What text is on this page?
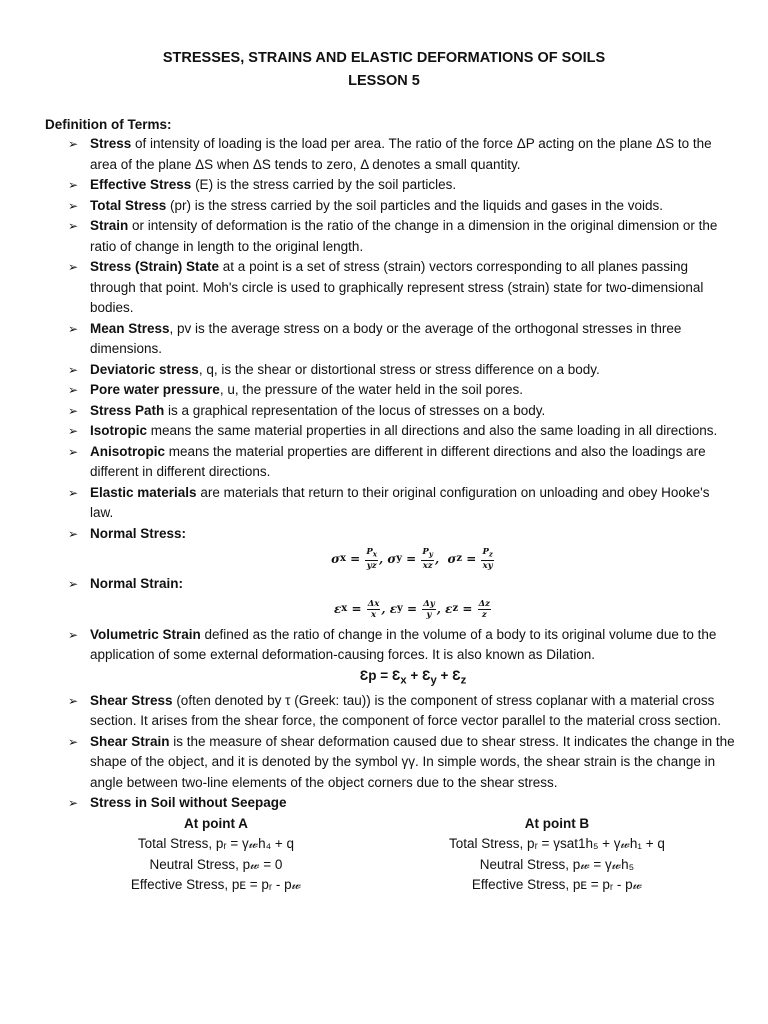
STRESSES, STRAINS AND ELASTIC DEFORMATIONS OF SOILS
LESSON 5
Definition of Terms:
➢ Stress of intensity of loading is the load per area. The ratio of the force ΔP acting on the plane ΔS to the area of the plane ΔS when ΔS tends to zero, Δ denotes a small quantity.
➢ Effective Stress (E) is the stress carried by the soil particles.
➢ Total Stress (pr) is the stress carried by the soil particles and the liquids and gases in the voids.
➢ Strain or intensity of deformation is the ratio of the change in a dimension in the original dimension or the ratio of change in length to the original length.
➢ Stress (Strain) State at a point is a set of stress (strain) vectors corresponding to all planes passing through that point. Moh's circle is used to graphically represent stress (strain) state for two-dimensional bodies.
➢ Mean Stress, pv is the average stress on a body or the average of the orthogonal stresses in three dimensions.
➢ Deviatoric stress, q, is the shear or distortional stress or stress difference on a body.
➢ Pore water pressure, u, the pressure of the water held in the soil pores.
➢ Stress Path is a graphical representation of the locus of stresses on a body.
➢ Isotropic means the same material properties in all directions and also the same loading in all directions.
➢ Anisotropic means the material properties are different in different directions and also the loadings are different in different directions.
➢ Elastic materials are materials that return to their original configuration on unloading and obey Hooke's law.
➢ Normal Stress:
σ $x = \frac{P_x}{yz}$ , σ $y = \frac{P_y}{xz}$ , σ $z = \frac{P_z}{xy}$
➢ Normal Strain:
ε $x = \frac{\Delta x}{x}$ , ε $y = \frac{\Delta y}{y}$ , ε $z = \frac{\Delta z}{z}$
➢ Volumetric Strain defined as the ratio of change in the volume of a body to its original volume due to the application of some external deformation-causing forces. It is also known as Dilation.
Ɛp = $Ɛ_x$ + $Ɛ_y$ + $Ɛ_z$
➢ Shear Stress (often denoted by τ (Greek: tau)) is the component of stress coplanar with a material cross section. It arises from the shear force, the component of force vector parallel to the material cross section.
➢ Shear Strain is the measure of shear deformation caused due to shear stress. It indicates the change in the shape of the object, and it is denoted by the symbol γγ. In simple words, the shear strain is the change in angle between two-line elements of the object corners due to the shear stress.
➢ Stress in Soil without Seepage
At point A
Total Stress, pᵣ = γ𝓌h₄ + q
Neutral Stress, p𝓌 = 0
Effective Stress, pᴇ = pᵣ - p𝓌
At point B
Total Stress, pᵣ = γsat1h₅ + γ𝓌h₁ + q
Neutral Stress, p𝓌 = γ𝓌h₅
Effective Stress, pᴇ = pᵣ - p𝓌
